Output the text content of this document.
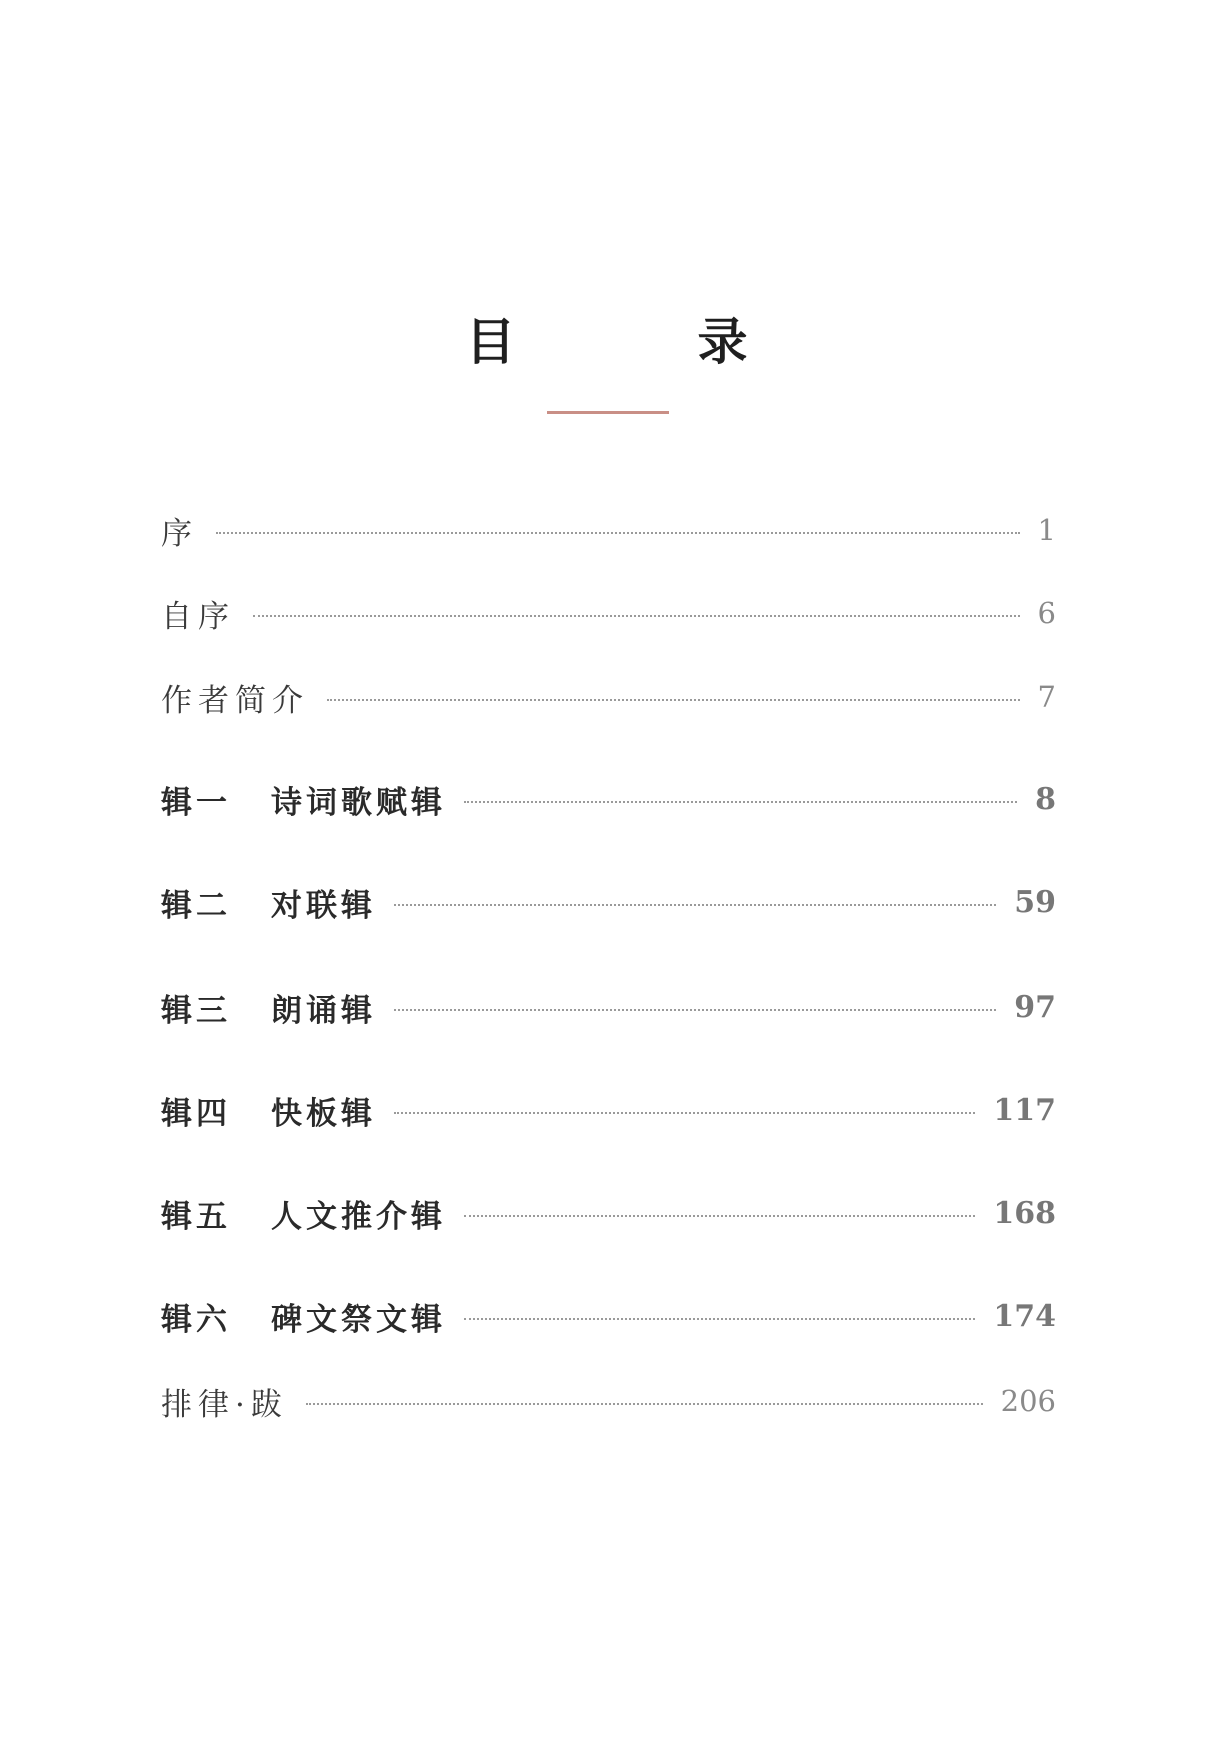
目　录
序	1
自序	6
作者简介	7
辑一 诗词歌赋辑	8
辑二 对联辑	59
辑三 朗诵辑	97
辑四 快板辑	117
辑五 人文推介辑	168
辑六 碑文祭文辑	174
排律·跋	206
